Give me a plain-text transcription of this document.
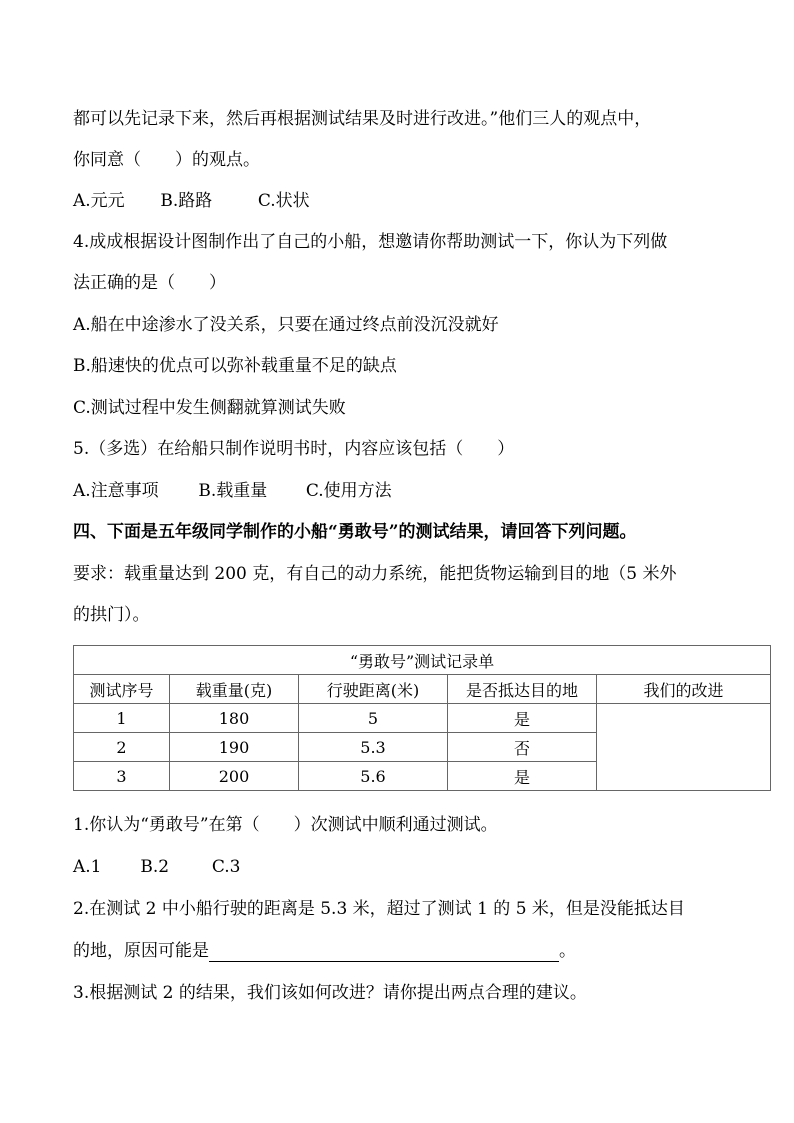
都可以先记录下来，然后再根据测试结果及时进行改进。”他们三人的观点中，
你同意（　　）的观点。
A.元元 B.路路	C.状状
4.成成根据设计图制作出了自己的小船，想邀请你帮助测试一下，你认为下列做
法正确的是（　　）
A.船在中途渗水了没关系，只要在通过终点前没沉没就好
B.船速快的优点可以弥补载重量不足的缺点
C.测试过程中发生侧翻就算测试失败
5.（多选）在给船只制作说明书时，内容应该包括（　　）
A.注意事项 B.载重量 C.使用方法
四、下面是五年级同学制作的小船“勇敢号”的测试结果，请回答下列问题。
要求：载重量达到 200 克，有自己的动力系统，能把货物运输到目的地（5 米外
的拱门）。
“勇敢号”测试记录单				
测试序号	载重量(克)	行驶距离(米)	是否抵达目的地	我们的改进
1	180	5	是	
2	190	5.3	否	
3	200	5.6	是	
1.你认为“勇敢号”在第（　　）次测试中顺利通过测试。
A.1 B.2	C.3
2.在测试 2 中小船行驶的距离是 5.3 米，超过了测试 1 的 5 米，但是没能抵达目
的地，原因可能是	。
3.根据测试 2 的结果，我们该如何改进？请你提出两点合理的建议。
